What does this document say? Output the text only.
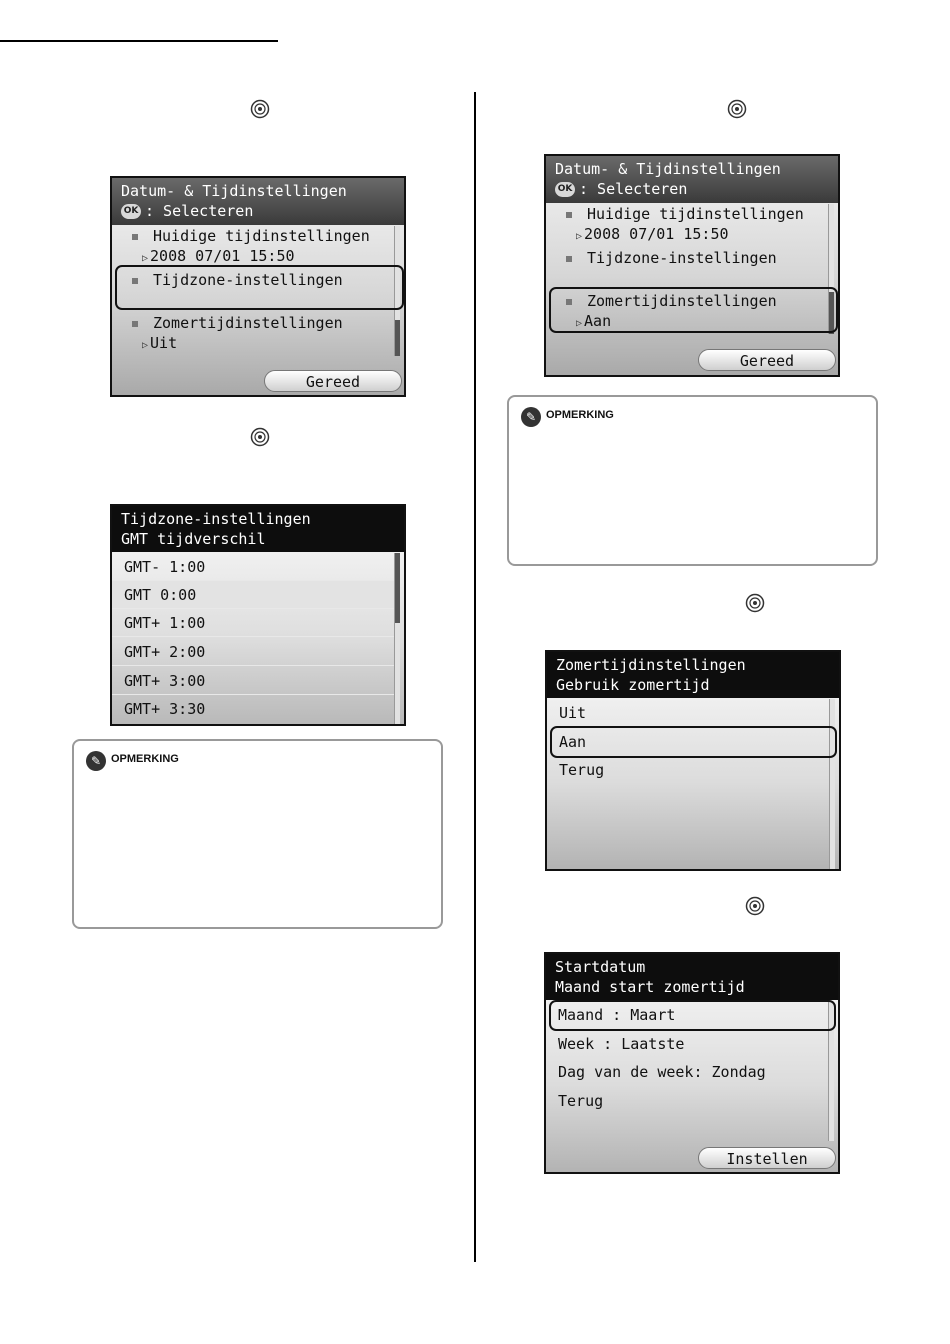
Datum- & Tijdinstellingen
OK : Selecteren
Huidige tijdinstellingen
▷ 2008 07/01 15:50
Tijdzone-instellingen
Zomertijdinstellingen
▷ Uit
Gereed
Tijdzone-instellingen
GMT tijdverschil
GMT- 1:00
GMT 0:00
GMT+ 1:00
GMT+ 2:00
GMT+ 3:00
GMT+ 3:30
✎ OPMERKING
Datum- & Tijdinstellingen
OK : Selecteren
Huidige tijdinstellingen
▷ 2008 07/01 15:50
Tijdzone-instellingen
Zomertijdinstellingen
▷ Aan
Gereed
✎ OPMERKING
Zomertijdinstellingen
Gebruik zomertijd
Uit
Aan
Terug
Startdatum
Maand start zomertijd
Maand : Maart
Week : Laatste
Dag van de week: Zondag
Terug
Instellen
